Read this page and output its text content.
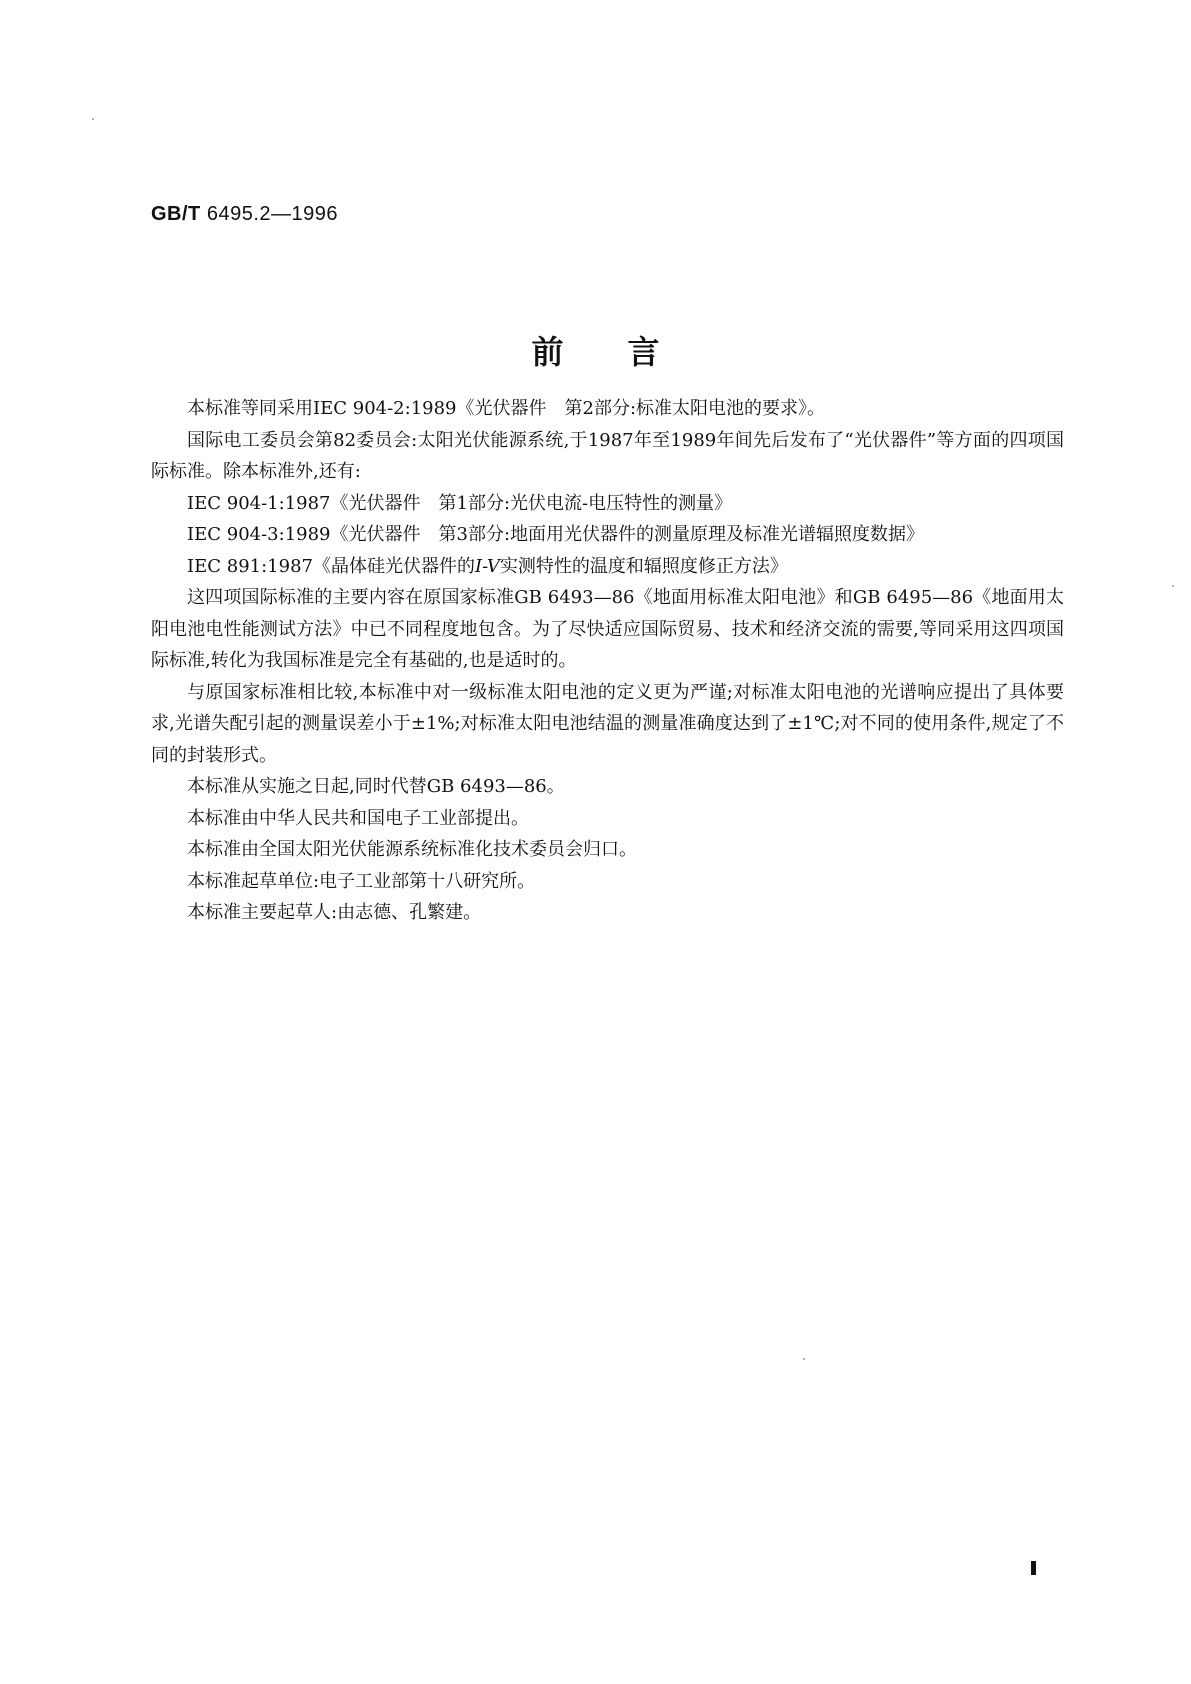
GB/T 6495.2—1996
前言

本标准等同采用IEC 904-2:1989《光伏器件　第2部分:标准太阳电池的要求》。

国际电工委员会第82委员会:太阳光伏能源系统,于1987年至1989年间先后发布了“光伏器件”等方面的四项国际标准。除本标准外,还有:

IEC 904-1:1987《光伏器件　第1部分:光伏电流-电压特性的测量》

IEC 904-3:1989《光伏器件　第3部分:地面用光伏器件的测量原理及标准光谱辐照度数据》

IEC 891:1987《晶体硅光伏器件的I-V实测特性的温度和辐照度修正方法》

这四项国际标准的主要内容在原国家标准GB 6493—86《地面用标准太阳电池》和GB 6495—86《地面用太阳电池电性能测试方法》中已不同程度地包含。为了尽快适应国际贸易、技术和经济交流的需要,等同采用这四项国际标准,转化为我国标准是完全有基础的,也是适时的。

与原国家标准相比较,本标准中对一级标准太阳电池的定义更为严谨;对标准太阳电池的光谱响应提出了具体要求,光谱失配引起的测量误差小于±1%;对标准太阳电池结温的测量准确度达到了±1℃;对不同的使用条件,规定了不同的封装形式。

本标准从实施之日起,同时代替GB 6493—86。

本标准由中华人民共和国电子工业部提出。

本标准由全国太阳光伏能源系统标准化技术委员会归口。

本标准起草单位:电子工业部第十八研究所。

本标准主要起草人:由志德、孔繁建。
